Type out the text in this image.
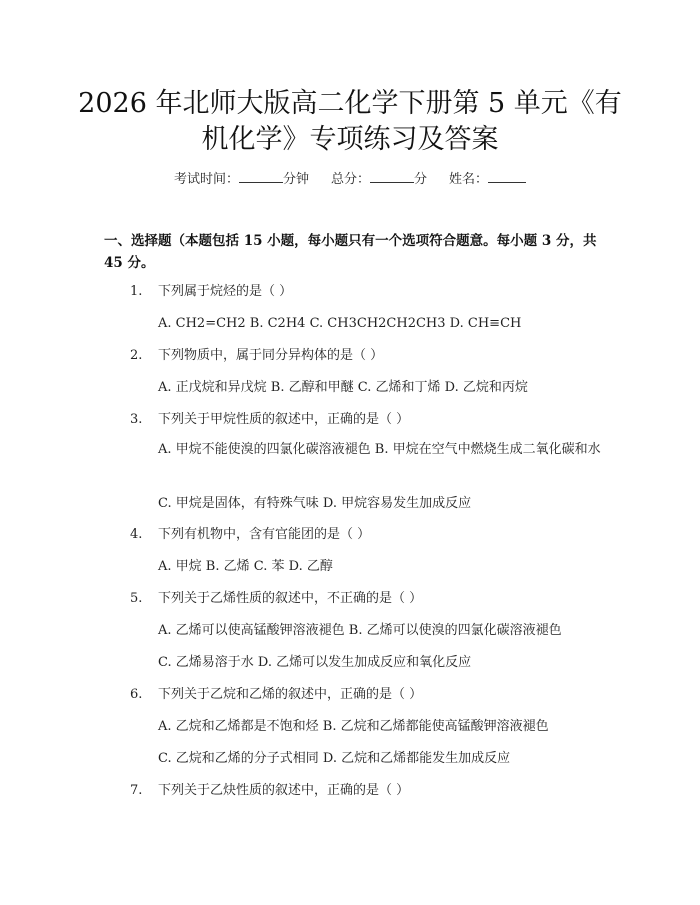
2026 年北师大版高二化学下册第 5 单元《有
机化学》专项练习及答案
考试时间：	分钟 总分：	分 姓名：
一、选择题（本题包括 15 小题，每小题只有一个选项符合题意。每小题 3 分，共 45 分。
1. 下列属于烷烃的是（ ）
A. CH2=CH2 B. C2H4 C. CH3CH2CH2CH3 D. CH≡CH
2. 下列物质中，属于同分异构体的是（ ）
A. 正戊烷和异戊烷 B. 乙醇和甲醚 C. 乙烯和丁烯 D. 乙烷和丙烷
3. 下列关于甲烷性质的叙述中，正确的是（ ）
A. 甲烷不能使溴的四氯化碳溶液褪色 B. 甲烷在空气中燃烧生成二氧化碳和水
C. 甲烷是固体，有特殊气味 D. 甲烷容易发生加成反应
4. 下列有机物中，含有官能团的是（ ）
A. 甲烷 B. 乙烯 C. 苯 D. 乙醇
5. 下列关于乙烯性质的叙述中，不正确的是（ ）
A. 乙烯可以使高锰酸钾溶液褪色 B. 乙烯可以使溴的四氯化碳溶液褪色
C. 乙烯易溶于水 D. 乙烯可以发生加成反应和氧化反应
6. 下列关于乙烷和乙烯的叙述中，正确的是（ ）
A. 乙烷和乙烯都是不饱和烃 B. 乙烷和乙烯都能使高锰酸钾溶液褪色
C. 乙烷和乙烯的分子式相同 D. 乙烷和乙烯都能发生加成反应
7. 下列关于乙炔性质的叙述中，正确的是（ ）
